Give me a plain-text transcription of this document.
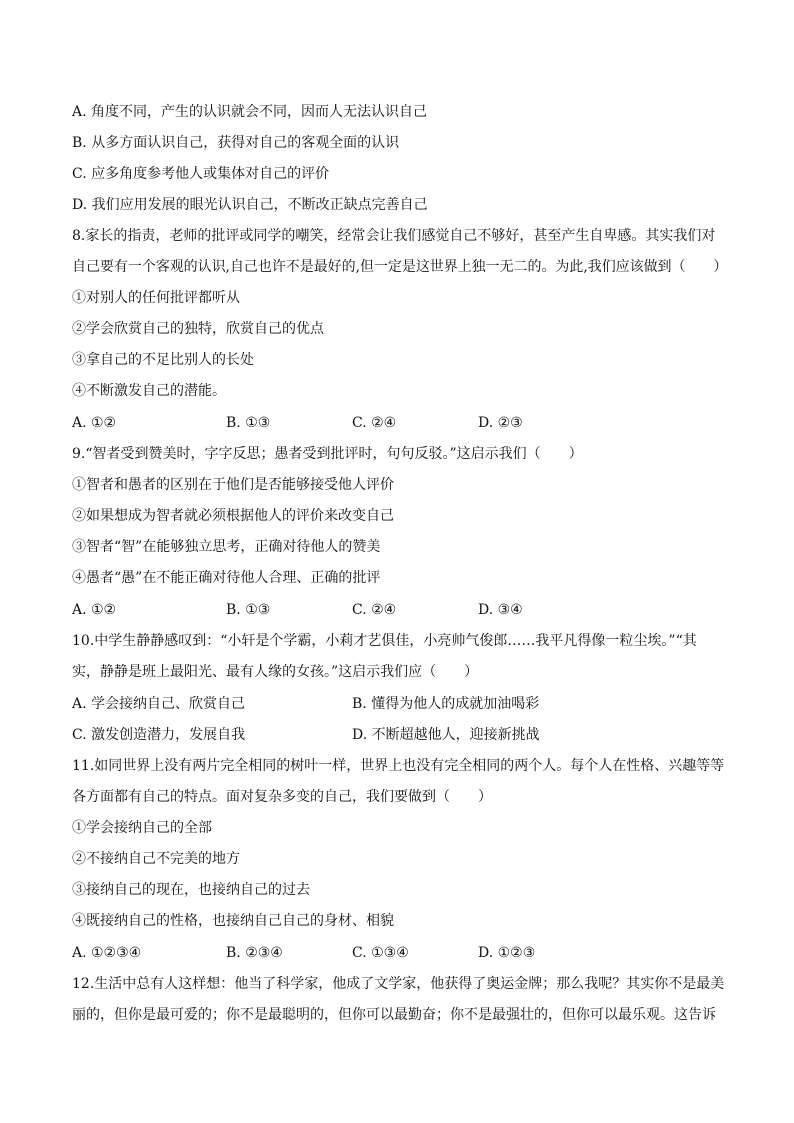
A. 角度不同，产生的认识就会不同，因而人无法认识自己
B. 从多方面认识自己，获得对自己的客观全面的认识
C. 应多角度参考他人或集体对自己的评价
D. 我们应用发展的眼光认识自己，不断改正缺点完善自己
8.家长的指责，老师的批评或同学的嘲笑，经常会让我们感觉自己不够好，甚至产生自卑感。其实我们对
自己要有一个客观的认识,自己也许不是最好的,但一定是这世界上独一无二的。为此,我们应该做到（　　）
①对别人的任何批评都听从
②学会欣赏自己的独特，欣赏自己的优点
③拿自己的不足比别人的长处
④不断激发自己的潜能。
A. ①②	B. ①③	C. ②④	D. ②③
9.“智者受到赞美时，字字反思；愚者受到批评时，句句反驳。”这启示我们（　　）
①智者和愚者的区别在于他们是否能够接受他人评价
②如果想成为智者就必须根据他人的评价来改变自己
③智者“智”在能够独立思考，正确对待他人的赞美
④愚者“愚”在不能正确对待他人合理、正确的批评
A. ①②	B. ①③	C. ②④	D. ③④
10.中学生静静感叹到：“小轩是个学霸，小莉才艺俱佳，小亮帅气俊郎……我平凡得像一粒尘埃。”“其
实，静静是班上最阳光、最有人缘的女孩。”这启示我们应（　　）
A. 学会接纳自己、欣赏自己	B. 懂得为他人的成就加油喝彩
C. 激发创造潜力，发展自我	D. 不断超越他人，迎接新挑战
11.如同世界上没有两片完全相同的树叶一样，世界上也没有完全相同的两个人。每个人在性格、兴趣等等
各方面都有自己的特点。面对复杂多变的自己，我们要做到（　　）
①学会接纳自己的全部
②不接纳自己不完美的地方
③接纳自己的现在，也接纳自己的过去
④既接纳自己的性格，也接纳自己自己的身材、相貌
A. ①②③④	B. ②③④	C. ①③④	D. ①②③
12.生活中总有人这样想：他当了科学家，他成了文学家，他获得了奥运金牌；那么我呢？其实你不是最美
丽的，但你是最可爱的；你不是最聪明的，但你可以最勤奋；你不是最强壮的，但你可以最乐观。这告诉
